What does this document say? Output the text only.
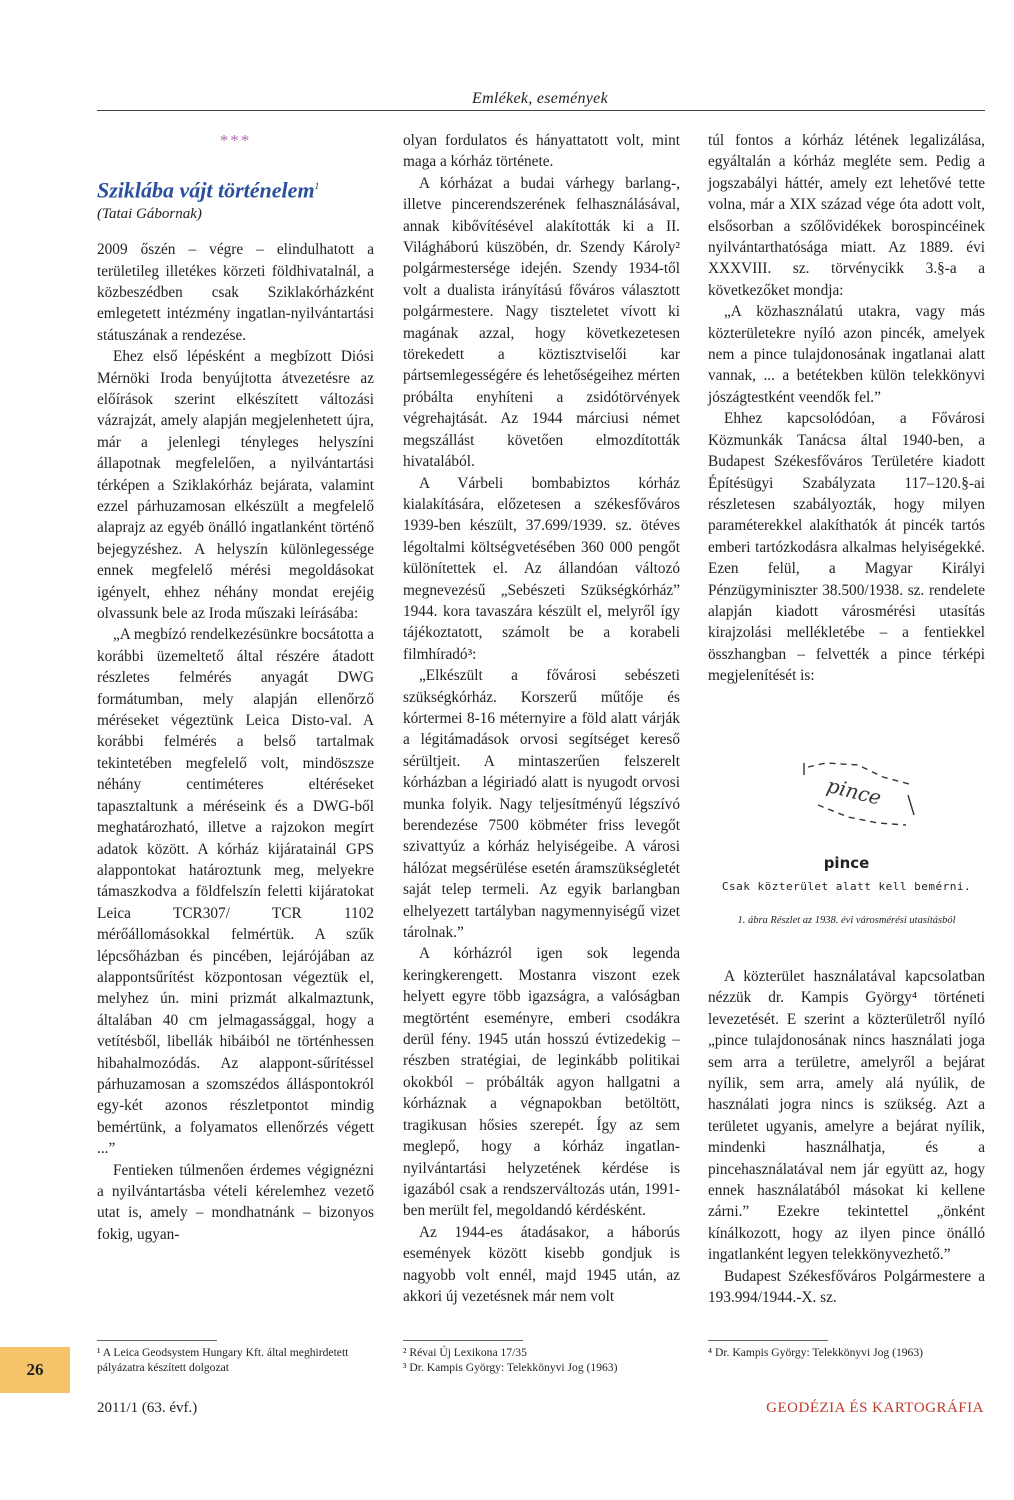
Emlékek, események
***
Sziklába vájt történelem$^1$
(Tatai Gábornak)

2009 őszén – végre – elindulhatott a területileg illetékes körzeti földhivatalnál, a közbeszédben csak Sziklakórházként emlegetett intézmény ingatlan-nyilvántartási státuszának a rendezése.

Ehez első lépésként a megbízott Diósi Mérnöki Iroda benyújtotta átvezetésre az előírások szerint elkészített változási vázrajzát, amely alapján megjelenhetett újra, már a jelenlegi tényleges helyszíni állapotnak megfelelően, a nyilvántartási térképen a Sziklakórház bejárata, valamint ezzel párhuzamosan elkészült a megfelelő alaprajz az egyéb önálló ingatlanként történő bejegyzéshez. A helyszín különlegessége ennek megfelelő mérési megoldásokat igényelt, ehhez néhány mondat erejéig olvassunk bele az Iroda műszaki leírásába:

„A megbízó rendelkezésünkre bocsátotta a korábbi üzemeltető által részére átadott részletes felmérés anyagát DWG formátumban, mely alapján ellenőrző méréseket végeztünk Leica Disto-val. A korábbi felmérés a belső tartalmak tekintetében megfelelő volt, mindöszsze néhány centiméteres eltéréseket tapasztaltunk a méréseink és a DWG-ből meghatározható, illetve a rajzokon megírt adatok között. A kórház kijáratainál GPS alappontokat határoztunk meg, melyekre támaszkodva a földfelszín feletti kijáratokat Leica TCR307/ TCR 1102 mérőállomásokkal felmértük. A szűk lépcsőházban és pincében, lejárójában az alappontsűrítést központosan végeztük el, melyhez ún. mini prizmát alkalmaztunk, általában 40 cm jelmagassággal, hogy a vetítésből, libellák hibáiból ne történhessen hibahalmozódás. Az alappont-sűrítéssel párhuzamosan a szomszédos álláspontokról egy-két azonos részletpontot mindig bemértünk, a folyamatos ellenőrzés végett ...”

Fentieken túlmenően érdemes végignézni a nyilvántartásba vételi kérelemhez vezető utat is, amely – mondhatnánk – bizonyos fokig, ugyan-

olyan fordulatos és hányattatott volt, mint maga a kórház története.

A kórházat a budai várhegy barlang-, illetve pincerendszerének felhasználásával, annak kibővítésével alakították ki a II. Világháború küszöbén, dr. Szendy Károly² polgármestersége idején. Szendy 1934-től volt a dualista irányítású főváros választott polgármestere. Nagy tiszteletet vívott ki magának azzal, hogy következetesen törekedett a köztisztviselői kar pártsemlegességére és lehetőségeihez mérten próbálta enyhíteni a zsidótörvények végrehajtását. Az 1944 márciusi német megszállást követően elmozdították hivatalából.

A Várbeli bombabiztos kórház kialakítására, előzetesen a székesfőváros 1939-ben készült, 37.699/1939. sz. ötéves légoltalmi költségvetésében 360 000 pengőt különítettek el. Az állandóan változó megnevezésű „Sebészeti Szükségkórház” 1944. kora tavaszára készült el, melyről így tájékoztatott, számolt be a korabeli filmhíradó³:

„Elkészült a fővárosi sebészeti szükségkórház. Korszerű műtője és kórtermei 8-16 méternyire a föld alatt várják a légitámadások orvosi segítséget kereső sérültjeit. A mintaszerűen felszerelt kórházban a légiriadó alatt is nyugodt orvosi munka folyik. Nagy teljesítményű légszívó berendezése 7500 köbméter friss levegőt szivattyúz a kórház helyiségeibe. A városi hálózat megsérülése esetén áramszükségletét saját telep termeli. Az egyik barlangban elhelyezett tartályban nagymennyiségű vizet tárolnak.”

A kórházról igen sok legenda keringkerengett. Mostanra viszont ezek helyett egyre több igazságra, a valóságban megtörtént eseményre, emberi csodákra derül fény. 1945 után hosszú évtizedekig – részben stratégiai, de leginkább politikai okokból – próbálták agyon hallgatni a kórháznak a végnapokban betöltött, tragikusan hősies szerepét. Így az sem meglepő, hogy a kórház ingatlan-nyilvántartási helyzetének kérdése is igazából csak a rendszerváltozás után, 1991-ben merült fel, megoldandó kérdésként.

Az 1944-es átadásakor, a háborús események között kisebb gondjuk is nagyobb volt ennél, majd 1945 után, az akkori új vezetésnek már nem volt

túl fontos a kórház létének legalizálása, egyáltalán a kórház megléte sem. Pedig a jogszabályi háttér, amely ezt lehetővé tette volna, már a XIX század vége óta adott volt, elsősorban a szőlővidékek borospincéinek nyilvántarthatósága miatt. Az 1889. évi XXXVIII. sz. törvénycikk 3.§-a a következőket mondja:

„A közhasználatú utakra, vagy más közterületekre nyíló azon pincék, amelyek nem a pince tulajdonosának ingatlanai alatt vannak, ... a betétekben külön telekkönyvi jószágtestként veendők fel.”

Ehhez kapcsolódóan, a Fővárosi Közmunkák Tanácsa által 1940-ben, a Budapest Székesfőváros Területére kiadott Építésügyi Szabályzata 117–120.§-ai részletesen szabályozták, hogy milyen paraméterekkel alakíthatók át pincék tartós emberi tartózkodásra alkalmas helyiségekké. Ezen felül, a Magyar Királyi Pénzügyminiszter 38.500/1938. sz. rendelete alapján kiadott városmérési utasítás kirajzolási mellékletébe – a fentiekkel összhangban – felvették a pince térképi megjelenítését is:

pince
pince
Csak közterület alatt kell bemérni.
1. ábra Részlet az 1938. évi városmérési utasításból

A közterület használatával kapcsolatban nézzük dr. Kampis György⁴ történeti levezetését. E szerint a közterületről nyíló „pince tulajdonosának nincs használati joga sem arra a területre, amelyről a bejárat nyílik, sem arra, amely alá nyúlik, de használati jogra nincs is szükség. Azt a területet ugyanis, amelyre a bejárat nyílik, mindenki használhatja, és a pincehasználatával nem jár együtt az, hogy ennek használatából másokat ki kellene zárni.” Ezekre tekintettel „önként kínálkozott, hogy az ilyen pince önálló ingatlanként legyen telekkönyvezhető.”

Budapest Székesfőváros Polgármestere a 193.994/1944.-X. sz.

¹ A Leica Geodsystem Hungary Kft. által meghirdetett pályázatra készített dolgozat
² Révai Új Lexikona 17/35
³ Dr. Kampis György: Telekkönyvi Jog (1963)
⁴ Dr. Kampis György: Telekkönyvi Jog (1963)
26
2011/1 (63. évf.)	GEODÉZIA ÉS KARTOGRÁFIA
